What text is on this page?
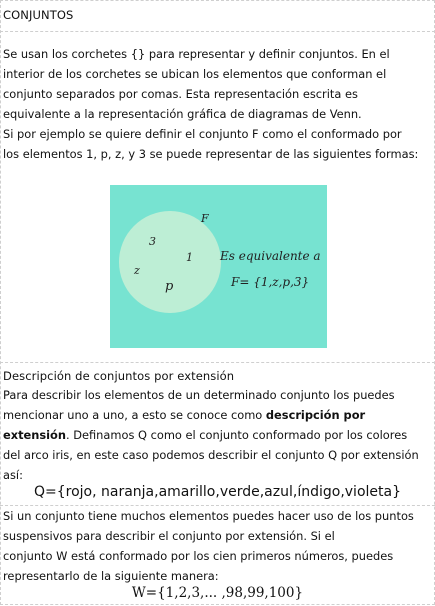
CONJUNTOS
Se usan los corchetes {} para representar y definir conjuntos. En el
interior de los corchetes se ubican los elementos que conforman el
conjunto separados por comas. Esta representación escrita es
equivalente a la representación gráfica de diagramas de Venn.
Si por ejemplo se quiere definir el conjunto F como el conformado por
los elementos 1, p, z, y 3 se puede representar de las siguientes formas:
F
3
1
z
p
Es equivalente a
F= {1,z,p,3}
Descripción de conjuntos por extensión
Para describir los elementos de un determinado conjunto los puedes
mencionar uno a uno, a esto se conoce como descripción por
extensión. Definamos Q como el conjunto conformado por los colores
del arco iris, en este caso podemos describir el conjunto Q por extensión
así:
Q={rojo, naranja,amarillo,verde,azul,índigo,violeta}
Si un conjunto tiene muchos elementos puedes hacer uso de los puntos
suspensivos para describir el conjunto por extensión. Si el
conjunto W está conformado por los cien primeros números, puedes
representarlo de la siguiente manera:
W={1,2,3,... ,98,99,100}
